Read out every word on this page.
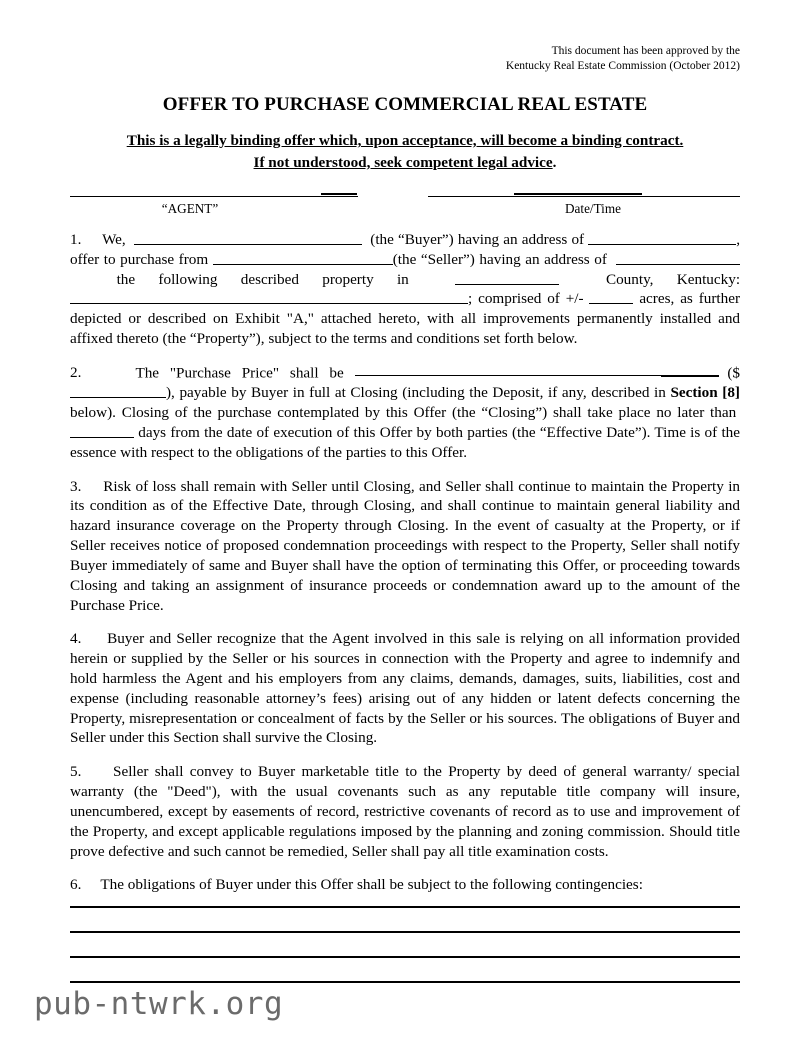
This document has been approved by the
Kentucky Real Estate Commission (October 2012)
OFFER TO PURCHASE COMMERCIAL REAL ESTATE
This is a legally binding offer which, upon acceptance, will become a binding contract.
If not understood, seek competent legal advice.
“AGENT”	Date/Time

1. We,	(the “Buyer”) having an address of	, offer to purchase from	(the “Seller”) having an address of    the following described property in	County, Kentucky:; comprised of +/-	acres, as further depicted or described on Exhibit "A," attached hereto, with all improvements permanently installed and affixed thereto (the “Property”), subject to the terms and conditions set forth below.

2.	The "Purchase Price" shall be	($), payable by Buyer in full at Closing (including the Deposit, if any, described in Section [8] below). Closing of the purchase contemplated by this Offer (the “Closing”) shall take place no later than  days from the date of execution of this Offer by both parties (the “Effective Date”). Time is of the essence with respect to the obligations of the parties to this Offer.

3. Risk of loss shall remain with Seller until Closing, and Seller shall continue to maintain the Property in its condition as of the Effective Date, through Closing, and shall continue to maintain general liability and hazard insurance coverage on the Property through Closing. In the event of casualty at the Property, or if Seller receives notice of proposed condemnation proceedings with respect to the Property, Seller shall notify Buyer immediately of same and Buyer shall have the option of terminating this Offer, or proceeding towards Closing and taking an assignment of insurance proceeds or condemnation award up to the amount of the Purchase Price.

4. Buyer and Seller recognize that the Agent involved in this sale is relying on all information provided herein or supplied by the Seller or his sources in connection with the Property and agree to indemnify and hold harmless the Agent and his employers from any claims, demands, damages, suits, liabilities, cost and expense (including reasonable attorney’s fees) arising out of any hidden or latent defects concerning the Property, misrepresentation or concealment of facts by the Seller or his sources. The obligations of Buyer and Seller under this Section shall survive the Closing.

5. Seller shall convey to Buyer marketable title to the Property by deed of general warranty/ special warranty (the "Deed"), with the usual covenants such as any reputable title company will insure, unencumbered, except by easements of record, restrictive covenants of record as to use and improvement of the Property, and except applicable regulations imposed by the planning and zoning commission. Should title prove defective and such cannot be remedied, Seller shall pay all title examination costs.

6. The obligations of Buyer under this Offer shall be subject to the following contingencies:

pub-ntwrk.org
